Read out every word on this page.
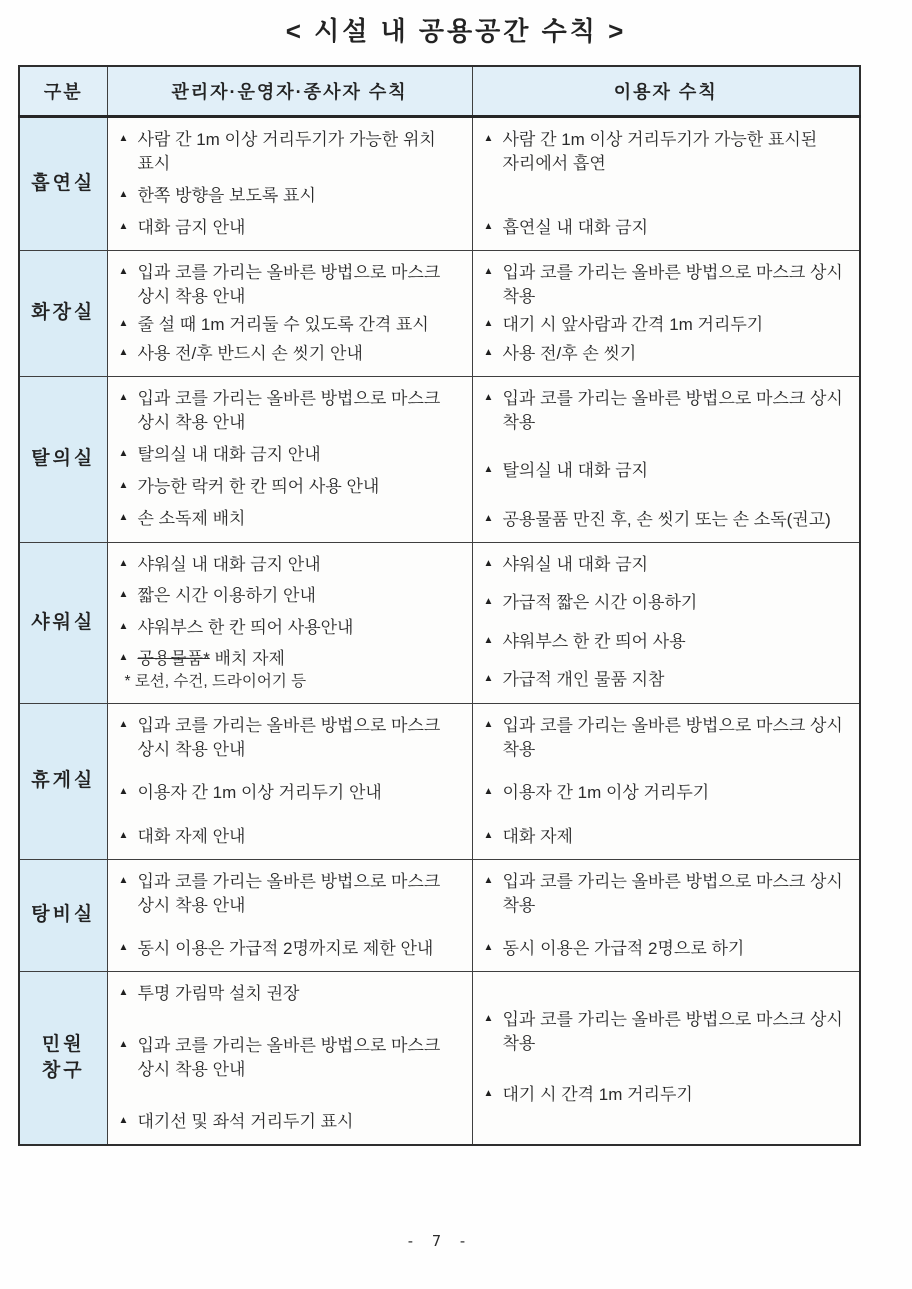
< 시설 내 공용공간 수칙 >
구분	관리자·운영자·종사자 수칙	이용자 수칙
흡연실	
▲ 사람 간 1m 이상 거리두기가 가능한 위치 표시
▲ 한쪽 방향을 보도록 표시
▲ 대화 금지 안내

▲ 사람 간 1m 이상 거리두기가 가능한 표시된 자리에서 흡연
▲ 흡연실 내 대화 금지

화장실	
▲ 입과 코를 가리는 올바른 방법으로 마스크 상시 착용 안내
▲ 줄 설 때 1m 거리둘 수 있도록 간격 표시
▲ 사용 전/후 반드시 손 씻기 안내

▲ 입과 코를 가리는 올바른 방법으로 마스크 상시 착용
▲ 대기 시 앞사람과 간격 1m 거리두기
▲ 사용 전/후 손 씻기

탈의실	
▲ 입과 코를 가리는 올바른 방법으로 마스크 상시 착용 안내
▲ 탈의실 내 대화 금지 안내
▲ 가능한 락커 한 칸 띄어 사용 안내
▲ 손 소독제 배치

▲ 입과 코를 가리는 올바른 방법으로 마스크 상시 착용
▲ 탈의실 내 대화 금지
▲ 공용물품 만진 후, 손 씻기 또는 손 소독(권고)

샤워실	
▲ 샤워실 내 대화 금지 안내
▲ 짧은 시간 이용하기 안내
▲ 샤워부스 한 칸 띄어 사용안내
▲ 공용물품* 배치 자제
* 로션, 수건, 드라이어기 등

▲ 샤워실 내 대화 금지
▲ 가급적 짧은 시간 이용하기
▲ 샤워부스 한 칸 띄어 사용
▲ 가급적 개인 물품 지참

휴게실	
▲ 입과 코를 가리는 올바른 방법으로 마스크 상시 착용 안내
▲ 이용자 간 1m 이상 거리두기 안내
▲ 대화 자제 안내

▲ 입과 코를 가리는 올바른 방법으로 마스크 상시 착용
▲ 이용자 간 1m 이상 거리두기
▲ 대화 자제

탕비실	
▲ 입과 코를 가리는 올바른 방법으로 마스크 상시 착용 안내
▲ 동시 이용은 가급적 2명까지로 제한 안내

▲ 입과 코를 가리는 올바른 방법으로 마스크 상시 착용
▲ 동시 이용은 가급적 2명으로 하기

민원
창구	
▲ 투명 가림막 설치 권장
▲ 입과 코를 가리는 올바른 방법으로 마스크 상시 착용 안내
▲ 대기선 및 좌석 거리두기 표시

▲ 입과 코를 가리는 올바른 방법으로 마스크 상시 착용
▲ 대기 시 간격 1m 거리두기
- 7 -
